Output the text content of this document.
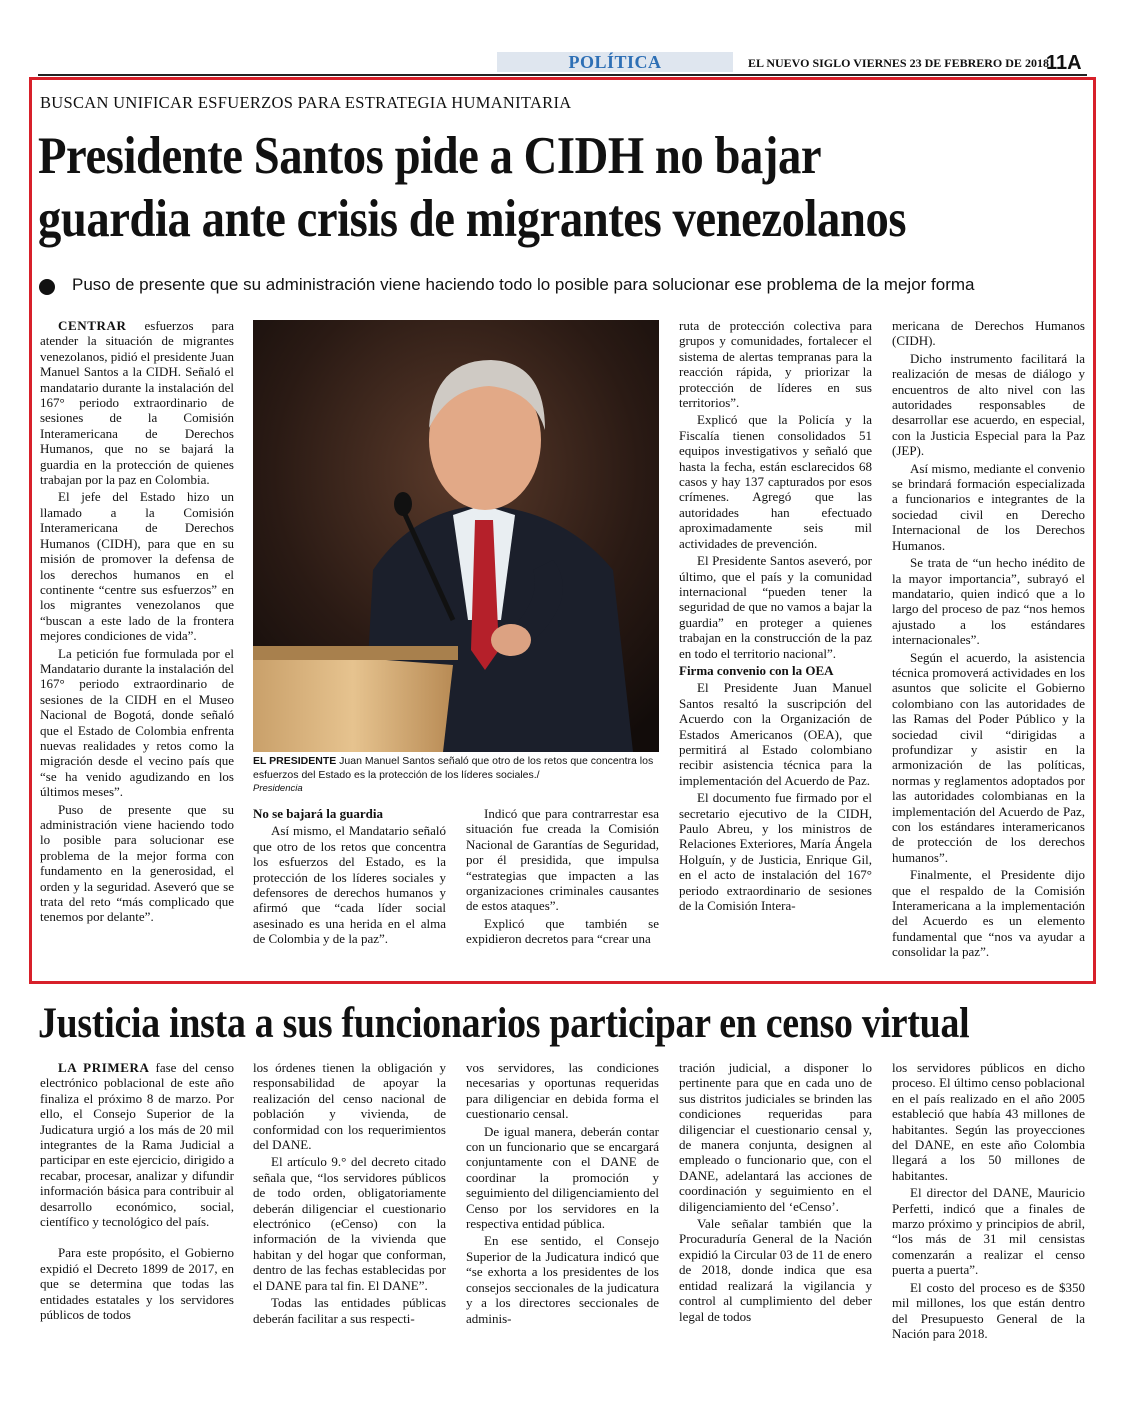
POLÍTICA	EL NUEVO SIGLO VIERNES 23 DE FEBRERO DE 2018
11A
BUSCAN UNIFICAR ESFUERZOS PARA ESTRATEGIA HUMANITARIA
Presidente Santos pide a CIDH no bajar guardia ante crisis de migrantes venezolanos
Puso de presente que su administración viene haciendo todo lo posible para solucionar ese problema de la mejor forma

CENTRAR esfuerzos para atender la situación de migrantes venezolanos, pidió el presidente Juan Manuel Santos a la CIDH. Señaló el mandatario durante la instalación del 167° periodo extraordinario de sesiones de la Comisión Interamericana de Derechos Humanos, que no se bajará la guardia en la protección de quienes trabajan por la paz en Colombia.

El jefe del Estado hizo un llamado a la Comisión Interamericana de Derechos Humanos (CIDH), para que en su misión de promover la defensa de los derechos humanos en el continente “centre sus esfuerzos” en los migrantes venezolanos que “buscan a este lado de la frontera mejores condiciones de vida”.

La petición fue formulada por el Mandatario durante la instalación del 167° periodo extraordinario de sesiones de la CIDH en el Museo Nacional de Bogotá, donde señaló que el Estado de Colombia enfrenta nuevas realidades y retos como la migración desde el vecino país que “se ha venido agudizando en los últimos meses”.

Puso de presente que su administración viene haciendo todo lo posible para solucionar ese problema de la mejor forma con fundamento en la generosidad, el orden y la seguridad. Aseveró que se trata del reto “más complicado que tenemos por delante”.

EL PRESIDENTE Juan Manuel Santos señaló que otro de los retos que concentra los esfuerzos del Estado es la protección de los líderes sociales./
Presidencia

No se bajará la guardia

Así mismo, el Mandatario señaló que otro de los retos que concentra los esfuerzos del Estado, es la protección de los líderes sociales y defensores de derechos humanos y afirmó que “cada líder social asesinado es una herida en el alma de Colombia y de la paz”.

Indicó que para contrarrestar esa situación fue creada la Comisión Nacional de Garantías de Seguridad, por él presidida, que impulsa “estrategias que impacten a las organizaciones criminales causantes de estos ataques”.

Explicó que también se expidieron decretos para “crear una

ruta de protección colectiva para grupos y comunidades, fortalecer el sistema de alertas tempranas para la reacción rápida, y priorizar la protección de líderes en sus territorios”.

Explicó que la Policía y la Fiscalía tienen consolidados 51 equipos investigativos y señaló que hasta la fecha, están esclarecidos 68 casos y hay 137 capturados por esos crímenes. Agregó que las autoridades han efectuado aproximadamente seis mil actividades de prevención.

El Presidente Santos aseveró, por último, que el país y la comunidad internacional “pueden tener la seguridad de que no vamos a bajar la guardia” en proteger a quienes trabajan en la construcción de la paz en todo el territorio nacional”.

Firma convenio con la OEA

El Presidente Juan Manuel Santos resaltó la suscripción del Acuerdo con la Organización de Estados Americanos (OEA), que permitirá al Estado colombiano recibir asistencia técnica para la implementación del Acuerdo de Paz.

El documento fue firmado por el secretario ejecutivo de la CIDH, Paulo Abreu, y los ministros de Relaciones Exteriores, María Ángela Holguín, y de Justicia, Enrique Gil, en el acto de instalación del 167° periodo extraordinario de sesiones de la Comisión Intera-

mericana de Derechos Humanos (CIDH).

Dicho instrumento facilitará la realización de mesas de diálogo y encuentros de alto nivel con las autoridades responsables de desarrollar ese acuerdo, en especial, con la Justicia Especial para la Paz (JEP).

Así mismo, mediante el convenio se brindará formación especializada a funcionarios e integrantes de la sociedad civil en Derecho Internacional de los Derechos Humanos.

Se trata de “un hecho inédito de la mayor importancia”, subrayó el mandatario, quien indicó que a lo largo del proceso de paz “nos hemos ajustado a los estándares internacionales”.

Según el acuerdo, la asistencia técnica promoverá actividades en los asuntos que solicite el Gobierno colombiano con las autoridades de las Ramas del Poder Público y la sociedad civil “dirigidas a profundizar y asistir en la armonización de las políticas, normas y reglamentos adoptados por las autoridades colombianas en la implementación del Acuerdo de Paz, con los estándares interamericanos de protección de los derechos humanos”.

Finalmente, el Presidente dijo que el respaldo de la Comisión Interamericana a la implementación del Acuerdo es un elemento fundamental que “nos va ayudar a consolidar la paz”.

Justicia insta a sus funcionarios participar en censo virtual

LA PRIMERA fase del censo electrónico poblacional de este año finaliza el próximo 8 de marzo. Por ello, el Consejo Superior de la Judicatura urgió a los más de 20 mil integrantes de la Rama Judicial a participar en este ejercicio, dirigido a recabar, procesar, analizar y difundir información básica para contribuir al desarrollo económico, social, científico y tecnológico del país.

Para este propósito, el Gobierno expidió el Decreto 1899 de 2017, en que se determina que todas las entidades estatales y los servidores públicos de todos

los órdenes tienen la obligación y responsabilidad de apoyar la realización del censo nacional de población y vivienda, de conformidad con los requerimientos del DANE.

El artículo 9.° del decreto citado señala que, “los servidores públicos de todo orden, obligatoriamente deberán diligenciar el cuestionario electrónico (eCenso) con la información de la vivienda que habitan y del hogar que conforman, dentro de las fechas establecidas por el DANE para tal fin. El DANE”.

Todas las entidades públicas deberán facilitar a sus respecti-

vos servidores, las condiciones necesarias y oportunas requeridas para diligenciar en debida forma el cuestionario censal.

De igual manera, deberán contar con un funcionario que se encargará conjuntamente con el DANE de coordinar la promoción y seguimiento del diligenciamiento del Censo por los servidores en la respectiva entidad pública.

En ese sentido, el Consejo Superior de la Judicatura indicó que “se exhorta a los presidentes de los consejos seccionales de la judicatura y a los directores seccionales de adminis-

tración judicial, a disponer lo pertinente para que en cada uno de sus distritos judiciales se brinden las condiciones requeridas para diligenciar el cuestionario censal y, de manera conjunta, designen al empleado o funcionario que, con el DANE, adelantará las acciones de coordinación y seguimiento en el diligenciamiento del ‘eCenso’.

Vale señalar también que la Procuraduría General de la Nación expidió la Circular 03 de 11 de enero de 2018, donde indica que esa entidad realizará la vigilancia y control al cumplimiento del deber legal de todos

los servidores públicos en dicho proceso. El último censo poblacional en el país realizado en el año 2005 estableció que había 43 millones de habitantes. Según las proyecciones del DANE, en este año Colombia llegará a los 50 millones de habitantes.

El director del DANE, Mauricio Perfetti, indicó que a finales de marzo próximo y principios de abril, “los más de 31 mil censistas comenzarán a realizar el censo puerta a puerta”.

El costo del proceso es de $350 mil millones, los que están dentro del Presupuesto General de la Nación para 2018.
